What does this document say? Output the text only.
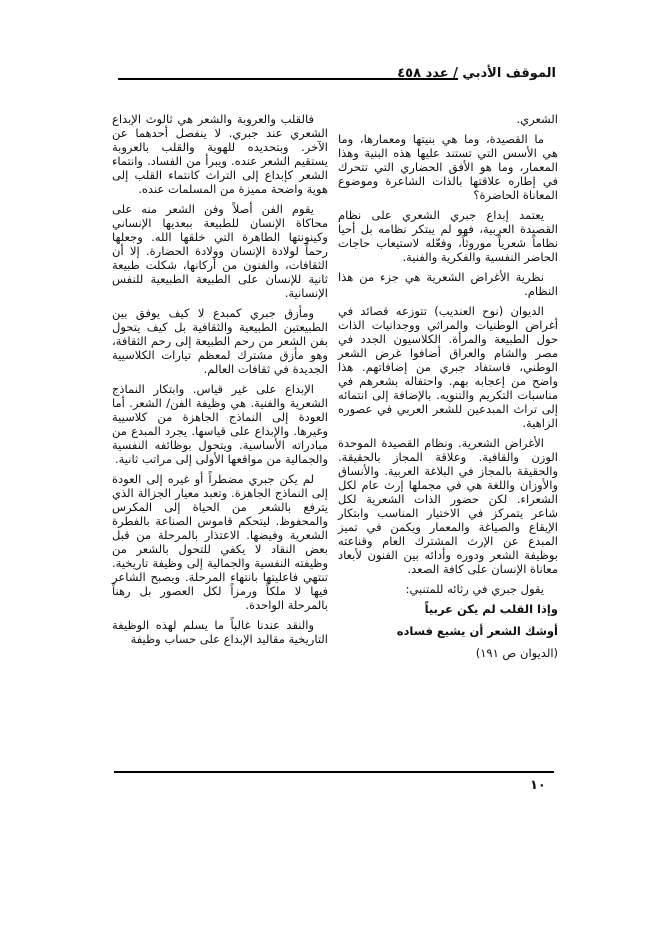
الموقف الأدبي / عدد ٤٥٨

الشعري.

ما القصيدة، وما هي بنيتها ومعمارها، وما هي الأسس التي تستند عليها هذه البنية وهذا المعمار، وما هو الأفق الحضاري التي تتحرك في إطاره علاقتها بالذات الشاعرة وموضوع المعاناة الحاضرة؟

يعتمد إبداع جبري الشعري على نظام القصيدة العربية، فهو لم يبتكر نظامه بل أحيا نظاماً شعرياً موروثاً، وفعّله لاستيعاب حاجات الحاضر النفسية والفكرية والفنية.

نظرية الأغراض الشعرية هي جزء من هذا النظام.

الديوان (نوح العنديب) تتوزعه قصائد في أغراض الوطنيات والمراثي ووجدانيات الذات حول الطبيعة والمرأة. الكلاسيون الجدد في مصر والشام والعراق أضافوا غرض الشعر الوطني، فاستفاد جبري من إضافاتهم. هذا واضح من إعجابه بهم. واحتفاله بشعرهم في مناسبات التكريم والتنويه. بالإضافة إلى انتمائه إلى تراث المبدعين للشعر العربي في عصوره الزاهية.

الأغراض الشعرية. ونظام القصيدة الموحدة الوزن والقافية. وعلاقة المجاز بالحقيقة. والحقيقة بالمجاز في البلاغة العربية. والأنساق والأوزان واللغة هي في مجملها إرث عام لكل الشعراء. لكن حضور الذات الشعرية لكل شاعر يتمركز في الاختيار المناسب وابتكار الإيقاع والصياغة والمعمار ويكمن في تميز المبدع عن الإرث المشترك العام وقناعته بوظيفة الشعر ودوره وأدائه بين الفنون لأبعاد معاناة الإنسان على كافة الصعد.

يقول جبري في رثائه للمتنبي:

وإذا القلب لم يكن عربياً

أوشك الشعر أن يشيع فساده

(الديوان ص ١٩١)

فالقلب والعروبة والشعر هي ثالوث الإبداع الشعري عند جبري. لا ينفصل أحدهما عن الآخر. وبتحديده للهوية والقلب بالعروبة يستقيم الشعر عنده. ويبرأ من الفساد. وانتماء الشعر كإبداع إلى التراث كانتماء القلب إلى هوية واضحة مميزة من المسلمات عنده.

يقوم الفن أصلاً وفن الشعر منه على محاكاة الإنسان للطبيعة ببعديها الإنساني وكينونتها الطاهرة التي خلقها الله. وجعلها رحماً لولادة الإنسان وولادة الحضارة. إلا أن الثقافات، والفنون من أركانها، شكلت طبيعة ثانية للإنسان على الطبيعة الطبيعية للنفس الإنسانية.

ومأزق جبري كمبدع لا كيف يوفق بين الطبيعتين الطبيعية والثقافية بل كيف يتحول بفن الشعر من رحم الطبيعة إلى رحم الثقافة، وهو مأزق مشترك لمعظم تيارات الكلاسيية الجديدة في ثقافات العالم.

الإبداع على غير قياس. وابتكار النماذج الشعرية والفنية. هي وظيفة الفن/ الشعر. أما العودة إلى النماذج الجاهزة من كلاسيية وغيرها. والإبداع على قياسها. يجرد المبدع من مبادراته الأساسية. ويتحول بوظائفه النفسية والجمالية من مواقعها الأولى إلى مراتب ثانية.

لم يكن جبري مضطراً أو غيره إلى العودة إلى النماذج الجاهزة. وتعبد معيار الجزالة الذي يترفع بالشعر من الحياة إلى المكرس والمحفوظ. ليتحكم قاموس الصناعة بالفطرة الشعرية وفيضها. الاعتذار بالمرحلة من قبل بعض النقاد لا يكفي للتحول بالشعر من وظيفته النفسية والجمالية إلى وظيفة تاريخية. تنتهي فاعليتها بانتهاء المرحلة. ويصبح الشاعر فيها لا ملكاً ورمزاً لكل العصور بل رهناً بالمرحلة الواحدة.

والنقد عندنا غالباً ما يسلم لهذه الوظيفة التاريخية مقاليد الإبداع على حساب وظيفة

١٠
